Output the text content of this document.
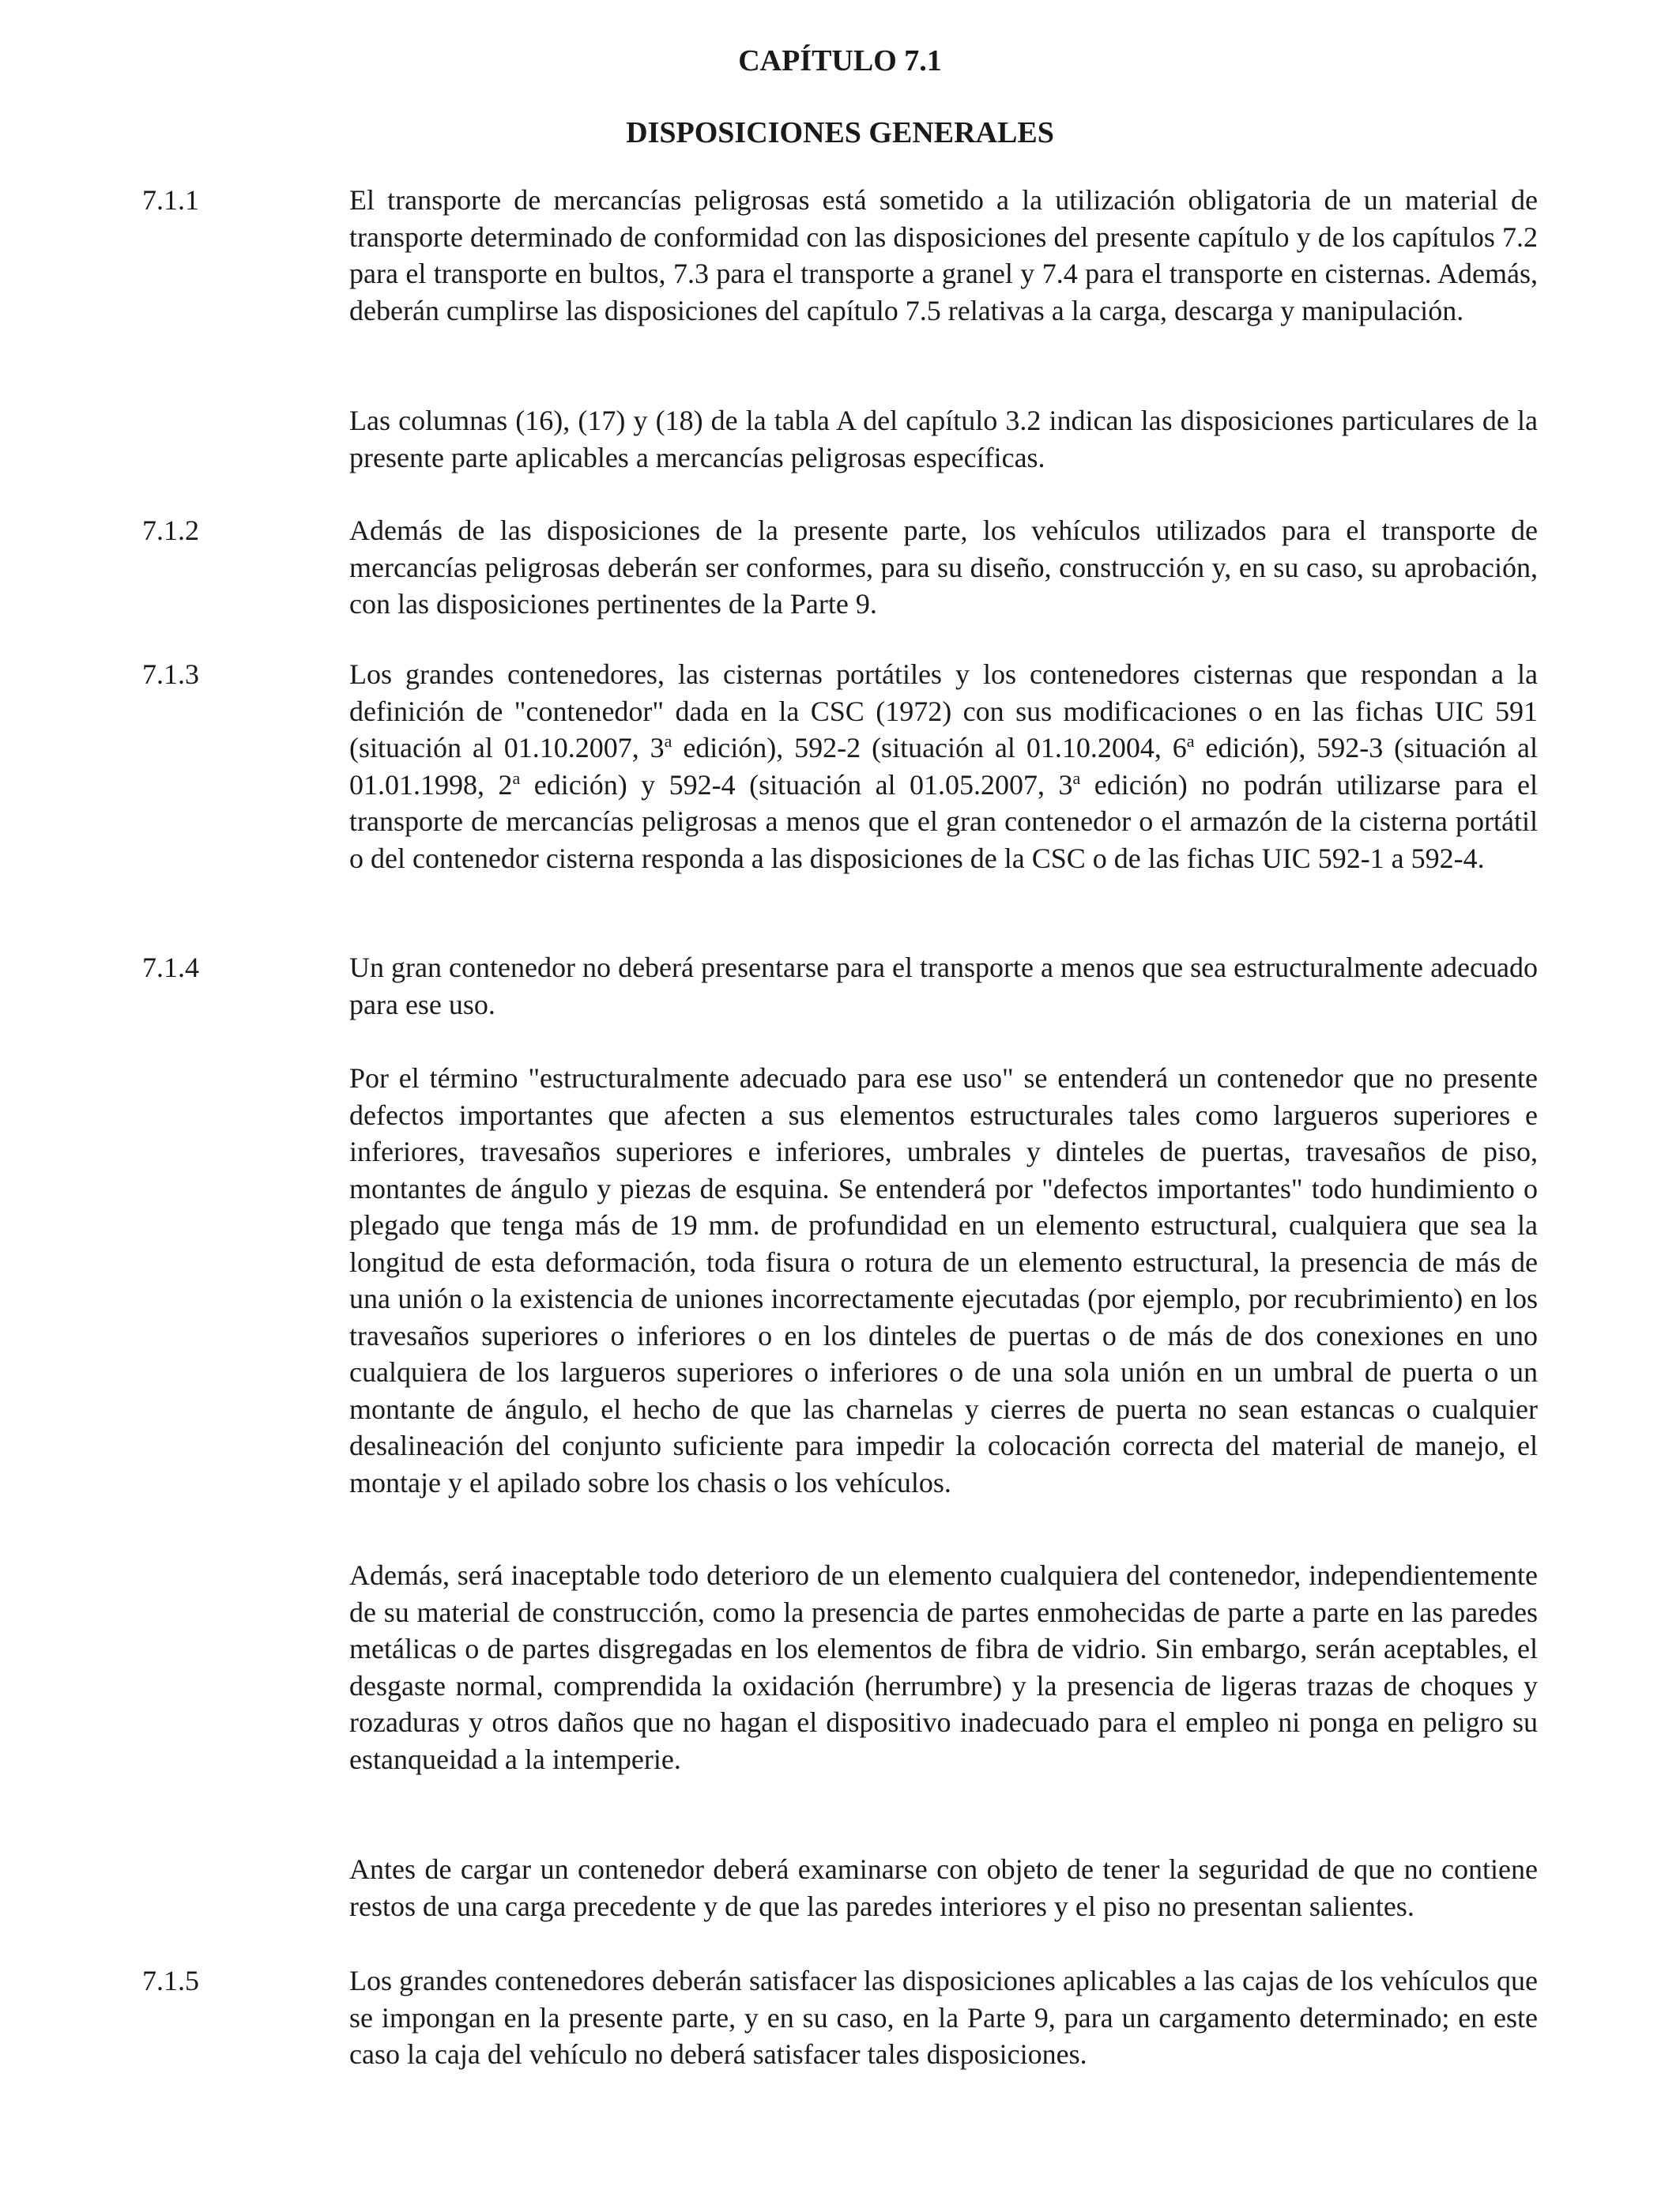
CAPÍTULO 7.1
DISPOSICIONES GENERALES
7.1.1	El transporte de mercancías peligrosas está sometido a la utilización obligatoria de un material de transporte determinado de conformidad con las disposiciones del presente capítulo y de los capítulos 7.2 para el transporte en bultos, 7.3 para el transporte a granel y 7.4 para el transporte en cisternas. Además, deberán cumplirse las disposiciones del capítulo 7.5 relativas a la carga, descarga y manipulación.

Las columnas (16), (17) y (18) de la tabla A del capítulo 3.2 indican las disposiciones particulares de la presente parte aplicables a mercancías peligrosas específicas.

7.1.2	Además de las disposiciones de la presente parte, los vehículos utilizados para el transporte de mercancías peligrosas deberán ser conformes, para su diseño, construcción y, en su caso, su aprobación, con las disposiciones pertinentes de la Parte 9.

7.1.3	Los grandes contenedores, las cisternas portátiles y los contenedores cisternas que respondan a la definición de "contenedor" dada en la CSC (1972) con sus modificaciones o en las fichas UIC 591 (situación al 01.10.2007, 3$^a$ edición), 592-2 (situación al 01.10.2004, 6$^a$ edición), 592-3 (situación al 01.01.1998, 2$^a$ edición) y 592-4 (situación al 01.05.2007, 3$^a$ edición) no podrán utilizarse para el transporte de mercancías peligrosas a menos que el gran contenedor o el armazón de la cisterna portátil o del contenedor cisterna responda a las disposiciones de la CSC o de las fichas UIC 592-1 a 592-4.

7.1.4	Un gran contenedor no deberá presentarse para el transporte a menos que sea estructuralmente adecuado para ese uso.

Por el término "estructuralmente adecuado para ese uso" se entenderá un contenedor que no presente defectos importantes que afecten a sus elementos estructurales tales como largueros superiores e inferiores, travesaños superiores e inferiores, umbrales y dinteles de puertas, travesaños de piso, montantes de ángulo y piezas de esquina. Se entenderá por "defectos importantes" todo hundimiento o plegado que tenga más de 19 mm. de profundidad en un elemento estructural, cualquiera que sea la longitud de esta deformación, toda fisura o rotura de un elemento estructural, la presencia de más de una unión o la existencia de uniones incorrectamente ejecutadas (por ejemplo, por recubrimiento) en los travesaños superiores o inferiores o en los dinteles de puertas o de más de dos conexiones en uno cualquiera de los largueros superiores o inferiores o de una sola unión en un umbral de puerta o un montante de ángulo, el hecho de que las charnelas y cierres de puerta no sean estancas o cualquier desalineación del conjunto suficiente para impedir la colocación correcta del material de manejo, el montaje y el apilado sobre los chasis o los vehículos.

Además, será inaceptable todo deterioro de un elemento cualquiera del contenedor, independientemente de su material de construcción, como la presencia de partes enmohecidas de parte a parte en las paredes metálicas o de partes disgregadas en los elementos de fibra de vidrio. Sin embargo, serán aceptables, el desgaste normal, comprendida la oxidación (herrumbre) y la presencia de ligeras trazas de choques y rozaduras y otros daños que no hagan el dispositivo inadecuado para el empleo ni ponga en peligro su estanqueidad a la intemperie.

Antes de cargar un contenedor deberá examinarse con objeto de tener la seguridad de que no contiene restos de una carga precedente y de que las paredes interiores y el piso no presentan salientes.

7.1.5	Los grandes contenedores deberán satisfacer las disposiciones aplicables a las cajas de los vehículos que se impongan en la presente parte, y en su caso, en la Parte 9, para un cargamento determinado; en este caso la caja del vehículo no deberá satisfacer tales disposiciones.
